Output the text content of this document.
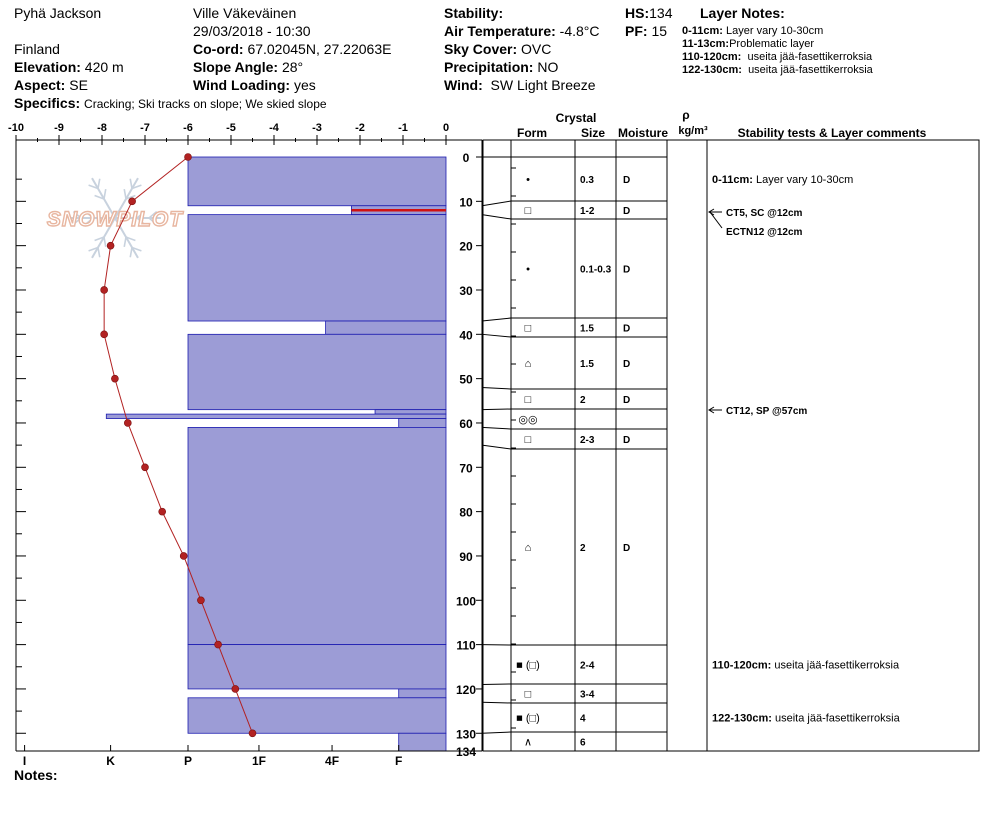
Pyhä Jackson
Finland
Elevation: 420 m
Aspect: SE
Specifics: Cracking; Ski tracks on slope; We skied slope
Ville Väkeväinen
29/03/2018 - 10:30
Co-ord: 67.02045N, 27.22063E
Slope Angle: 28°
Wind Loading: yes
Stability:
Air Temperature: -4.8°C
Sky Cover: OVC
Precipitation: NO
Wind: SW Light Breeze
HS:134
PF: 15
Layer Notes:
0-11cm: Layer vary 10-30cm
11-13cm:Problematic layer
110-120cm: useita jää-fasettikerroksia
122-130cm: useita jää-fasettikerroksia
SNOWPILOT
-10	-9	-8	-7	-6	-5	-4	-3	-2	-1	0
I	K	P	1F	4F	F
0
10
20
30
40
50
60
70
80
90
100
110
120
130
134
Crystal
Form	Size Moisture
ρ
kg/m³ Stability tests & Layer comments
•	0.3	D
□	1-2	D
•	0.1-0.3 D
□	1.5	D
⌂	1.5	D
□	2	D
◎◎
□	2-3	D
⌂	2	D
■ (□)	2-4
□	3-4
■ (□)	4
∧	6
0-11cm: Layer vary 10-30cm
110-120cm: useita jää-fasettikerroksia
122-130cm: useita jää-fasettikerroksia
CT5, SC @12cm
ECTN12 @12cm
CT12, SP @57cm
Notes:
